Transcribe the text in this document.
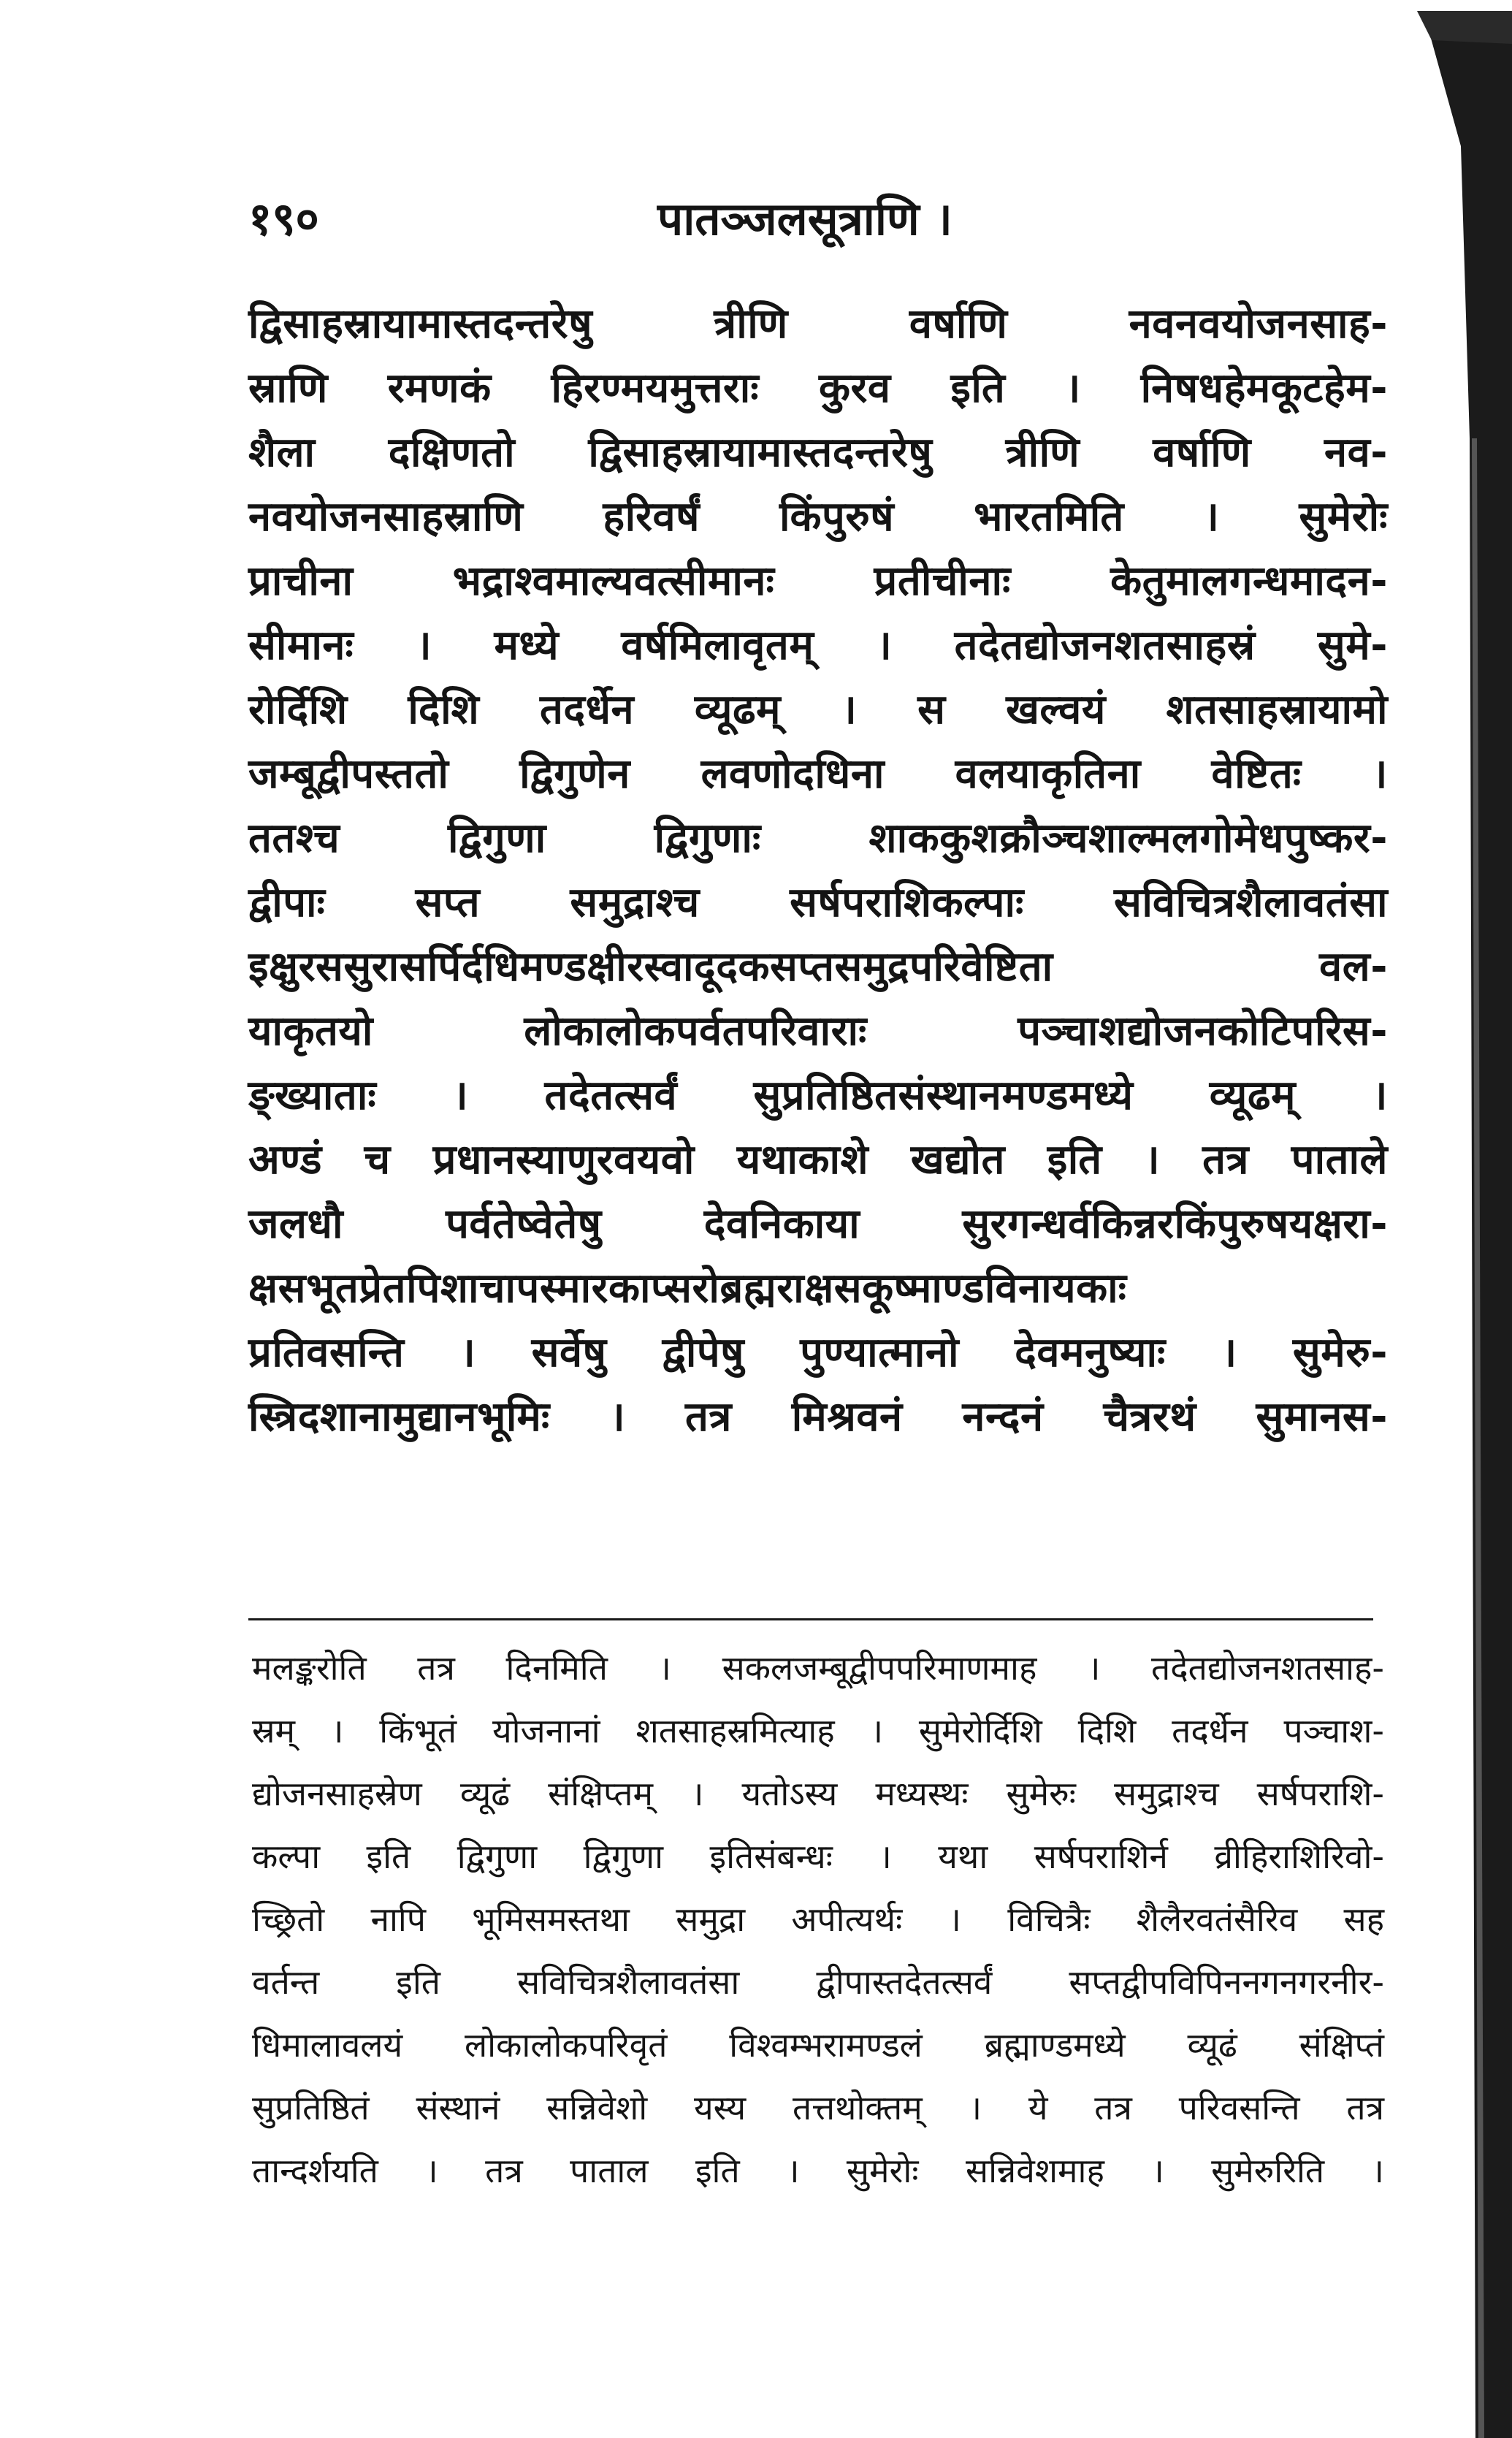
१९०	पातञ्जलसूत्राणि ।
द्विसाहस्रायामास्तदन्तरेषु त्रीणि वर्षाणि नवनवयोजनसाह-
स्राणि रमणकं हिरण्मयमुत्तराः कुरव इति । निषधहेमकूटहेम-
शैला दक्षिणतो द्विसाहस्रायामास्तदन्तरेषु त्रीणि वर्षाणि नव-
नवयोजनसाहस्राणि हरिवर्षं किंपुरुषं भारतमिति । सुमेरोः
प्राचीना भद्राश्वमाल्यवत्सीमानः प्रतीचीनाः केतुमालगन्धमादन-
सीमानः । मध्ये वर्षमिलावृतम् । तदेतद्योजनशतसाहस्रं सुमे-
रोर्दिशि दिशि तदर्धेन व्यूढम् । स खल्वयं शतसाहस्रायामो
जम्बूद्वीपस्ततो द्विगुणेन लवणोदधिना वलयाकृतिना वेष्टितः ।
ततश्च द्विगुणा द्विगुणाः शाककुशक्रौञ्चशाल्मलगोमेधपुष्कर-
द्वीपाः सप्त समुद्राश्च सर्षपराशिकल्पाः सविचित्रशैलावतंसा
इक्षुरससुरासर्पिर्दधिमण्डक्षीरस्वादूदकसप्तसमुद्रपरिवेष्टिता वल-
याकृतयो लोकालोकपर्वतपरिवाराः पञ्चाशद्योजनकोटिपरिस-
ङ्ख्याताः । तदेतत्सर्वं सुप्रतिष्ठितसंस्थानमण्डमध्ये व्यूढम् ।
अण्डं च प्रधानस्याणुरवयवो यथाकाशे खद्योत इति । तत्र पाताले
जलधौ पर्वतेष्वेतेषु देवनिकाया सुरगन्धर्वकिन्नरकिंपुरुषयक्षरा-
क्षसभूतप्रेतपिशाचापस्मारकाप्सरोब्रह्मराक्षसकूष्माण्डविनायकाः
प्रतिवसन्ति । सर्वेषु द्वीपेषु पुण्यात्मानो देवमनुष्याः । सुमेरु-
स्त्रिदशानामुद्यानभूमिः । तत्र मिश्रवनं नन्दनं चैत्ररथं सुमानस-
मलङ्करोति तत्र दिनमिति । सकलजम्बूद्वीपपरिमाणमाह । तदेतद्योजनशतसाह-
स्रम् । किंभूतं योजनानां शतसाहस्रमित्याह । सुमेरोर्दिशि दिशि तदर्धेन पञ्चाश-
द्योजनसाहस्रेण व्यूढं संक्षिप्तम् । यतोऽस्य मध्यस्थः सुमेरुः समुद्राश्च सर्षपराशि-
कल्पा इति द्विगुणा द्विगुणा इतिसंबन्धः । यथा सर्षपराशिर्न व्रीहिराशिरिवो-
च्छ्रितो नापि भूमिसमस्तथा समुद्रा अपीत्यर्थः । विचित्रैः शैलैरवतंसैरिव सह
वर्तन्त इति सविचित्रशैलावतंसा द्वीपास्तदेतत्सर्वं सप्तद्वीपविपिननगनगरनीर-
धिमालावलयं लोकालोकपरिवृतं विश्वम्भरामण्डलं ब्रह्माण्डमध्ये व्यूढं संक्षिप्तं
सुप्रतिष्ठितं संस्थानं सन्निवेशो यस्य तत्तथोक्तम् । ये तत्र परिवसन्ति तत्र
तान्दर्शयति । तत्र पाताल इति । सुमेरोः सन्निवेशमाह । सुमेरुरिति ।
